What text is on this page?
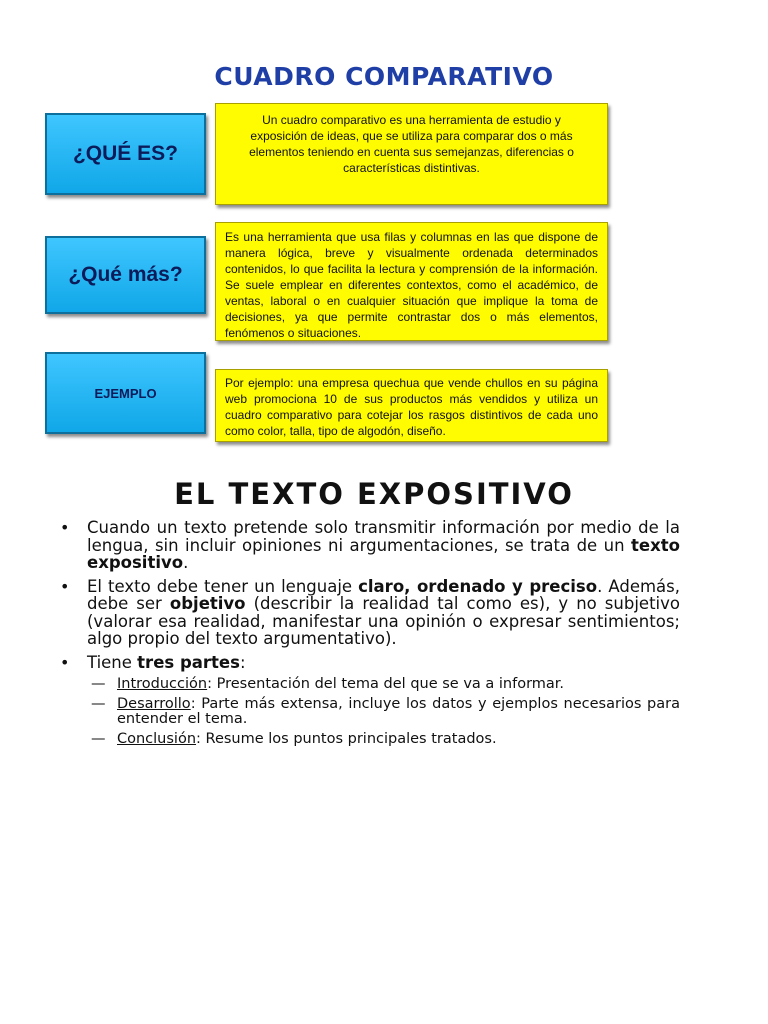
CUADRO COMPARATIVO
¿QUÉ ES?
Un cuadro comparativo es una herramienta de estudio y exposición de ideas, que se utiliza para comparar dos o más elementos teniendo en cuenta sus semejanzas, diferencias o características distintivas.
¿Qué más?
Es una herramienta que usa filas y columnas en las que dispone de manera lógica, breve y visualmente ordenada determinados contenidos, lo que facilita la lectura y comprensión de la información. Se suele emplear en diferentes contextos, como el académico, de ventas, laboral o en cualquier situación que implique la toma de decisiones, ya que permite contrastar dos o más elementos, fenómenos o situaciones.
EJEMPLO
Por ejemplo: una empresa quechua que vende chullos en su página web promociona 10 de sus productos más vendidos y utiliza un cuadro comparativo para cotejar los rasgos distintivos de cada uno como color, talla, tipo de algodón, diseño.
EL TEXTO EXPOSITIVO
• Cuando un texto pretende solo transmitir información por medio de la lengua, sin incluir opiniones ni argumentaciones, se trata de un texto expositivo.
• El texto debe tener un lenguaje claro, ordenado y preciso. Además, debe ser objetivo (describir la realidad tal como es), y no subjetivo (valorar esa realidad, manifestar una opinión o expresar sentimientos; algo propio del texto argumentativo).
• Tiene tres partes:
— Introducción: Presentación del tema del que se va a informar.
— Desarrollo: Parte más extensa, incluye los datos y ejemplos necesarios para entender el tema.
— Conclusión: Resume los puntos principales tratados.
